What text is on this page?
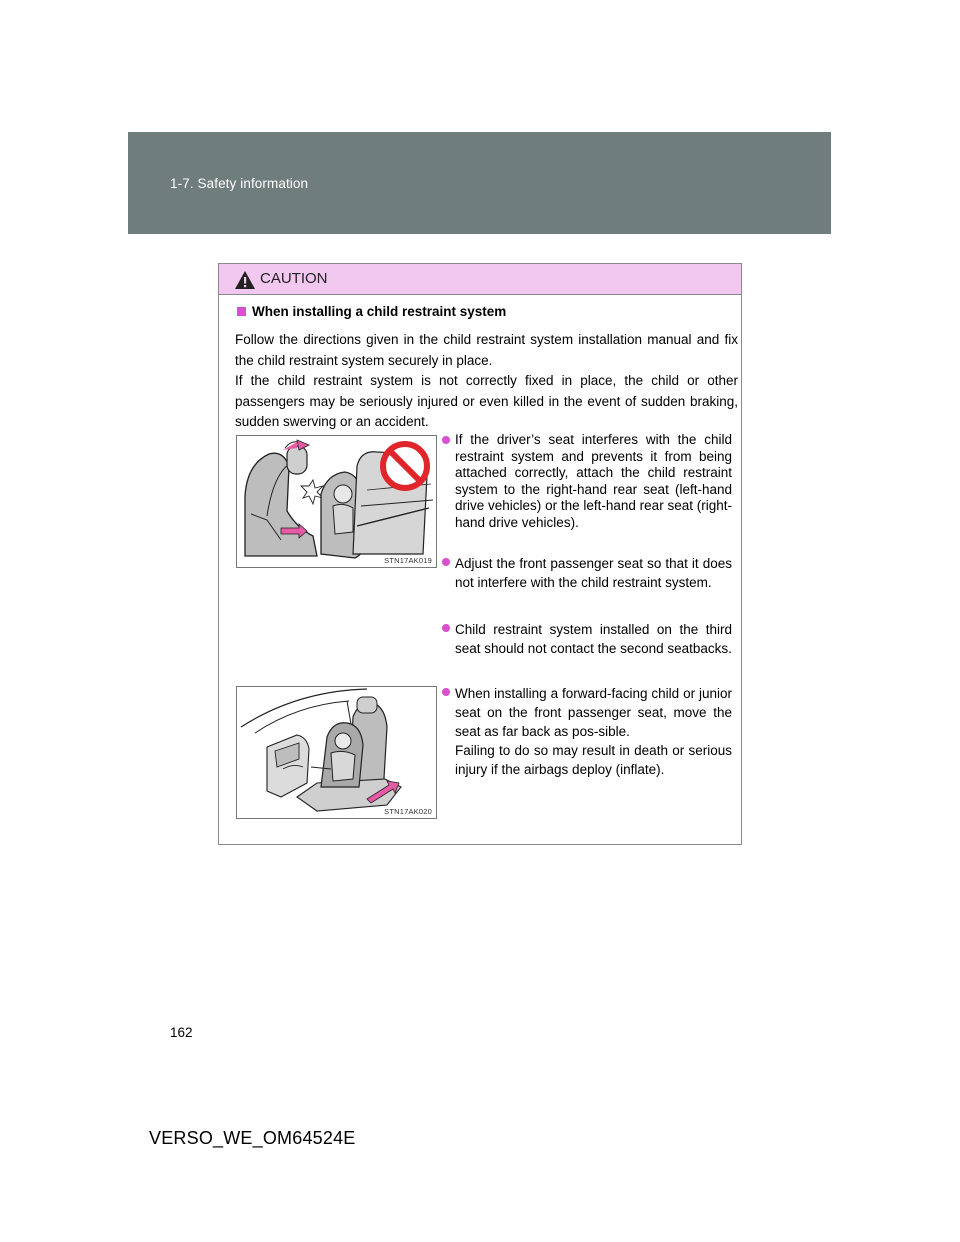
1-7. Safety information
CAUTION
When installing a child restraint system

Follow the directions given in the child restraint system installation manual and fix the child restraint system securely in place.

If the child restraint system is not correctly fixed in place, the child or other passengers may be seriously injured or even killed in the event of sudden braking, sudden swerving or an accident.

STN17AK019
STN17AK020

If the driver’s seat interferes with the child restraint system and prevents it from being attached correctly, attach the child restraint system to the right-hand rear seat (left-hand drive vehicles) or the left-hand rear seat (right-hand drive vehicles).

Adjust the front passenger seat so that it does not interfere with the child restraint system.

Child restraint system installed on the third seat should not contact the second seatbacks.

When installing a forward-facing child or junior seat on the front passenger seat, move the seat as far back as pos-sible.

Failing to do so may result in death or serious injury if the airbags deploy (inflate).

162
VERSO_WE_OM64524E
